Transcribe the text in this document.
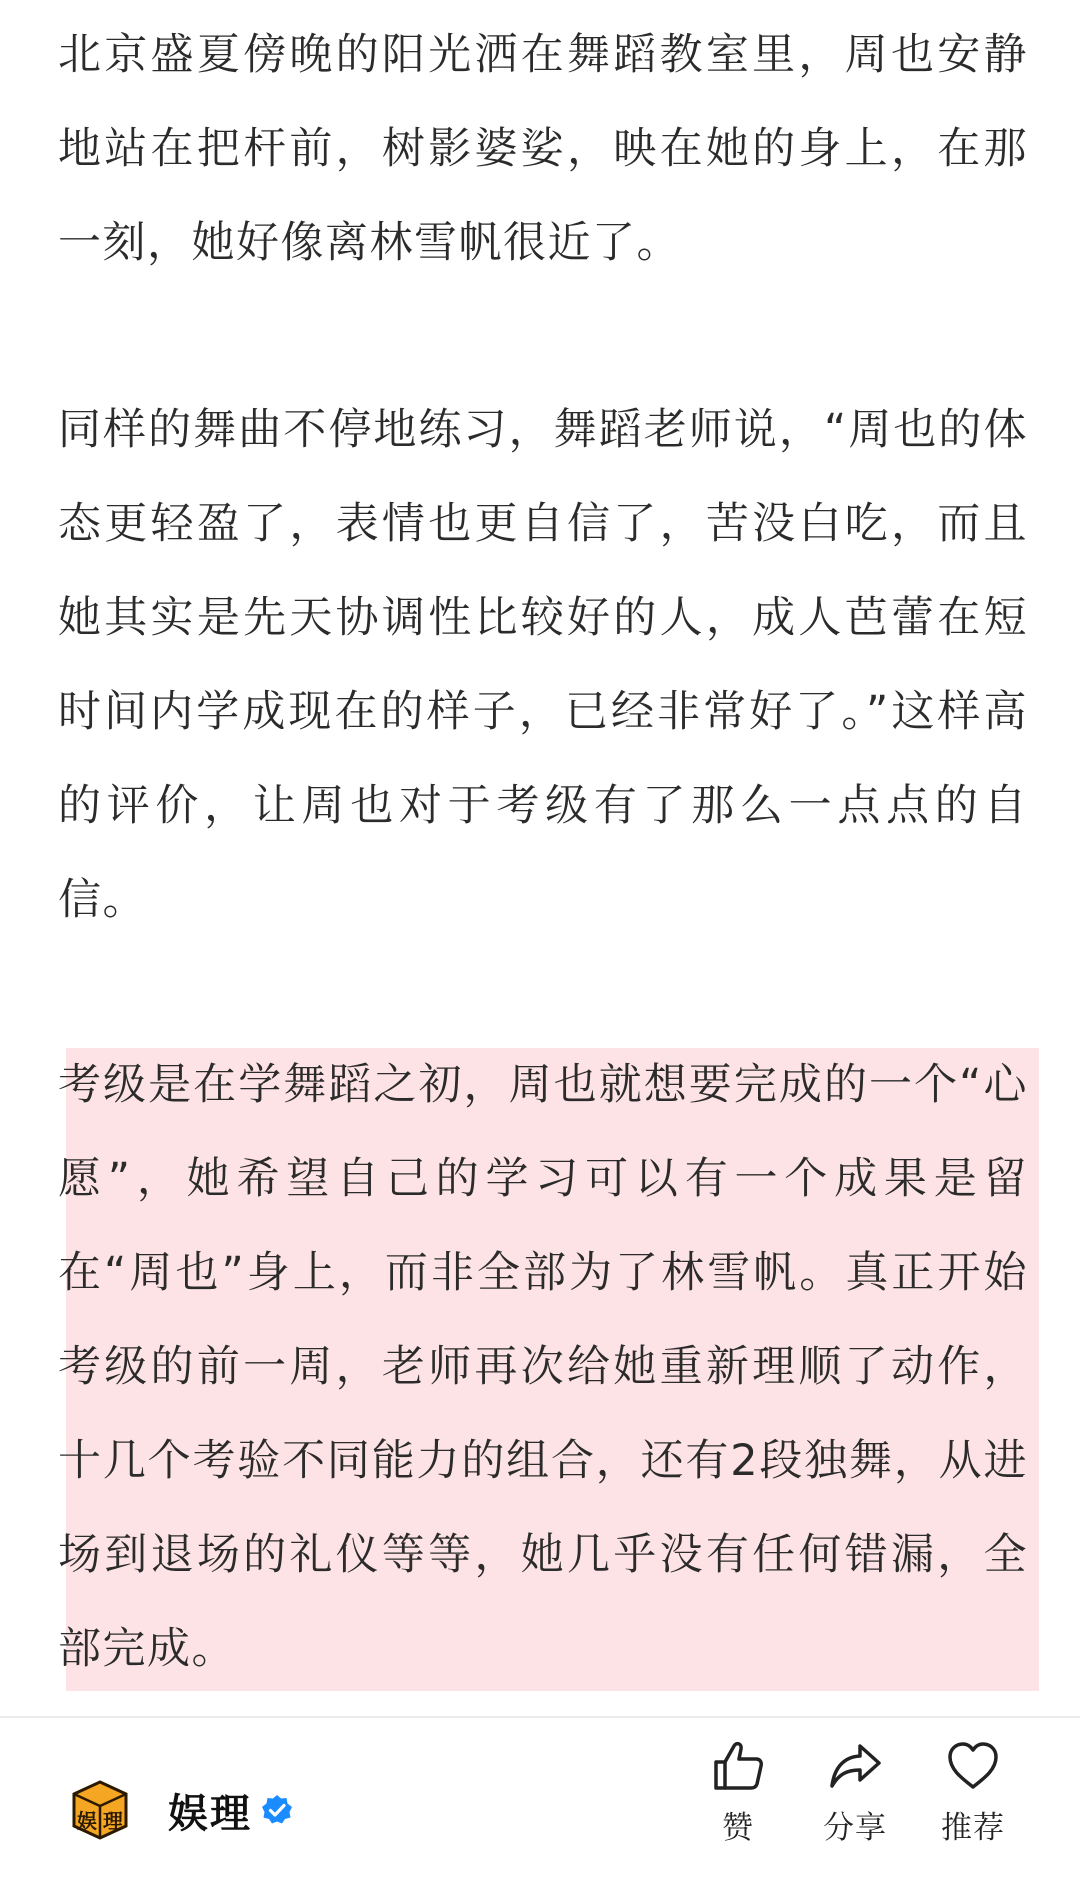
北京盛夏傍晚的阳光洒在舞蹈教室里，周也安静地站在把杆前，树影婆娑，映在她的身上，在那一刻，她好像离林雪帆很近了。

同样的舞曲不停地练习，舞蹈老师说，“周也的体态更轻盈了，表情也更自信了，苦没白吃，而且她其实是先天协调性比较好的人，成人芭蕾在短时间内学成现在的样子，已经非常好了。”这样高的评价，让周也对于考级有了那么一点点的自信。

考级是在学舞蹈之初，周也就想要完成的一个“心愿”，她希望自己的学习可以有一个成果是留在“周也”身上，而非全部为了林雪帆。真正开始考级的前一周，老师再次给她重新理顺了动作，十几个考验不同能力的组合，还有2段独舞，从进场到退场的礼仪等等，她几乎没有任何错漏，全部完成。

娱 理 娱理	赞	分享	推荐
